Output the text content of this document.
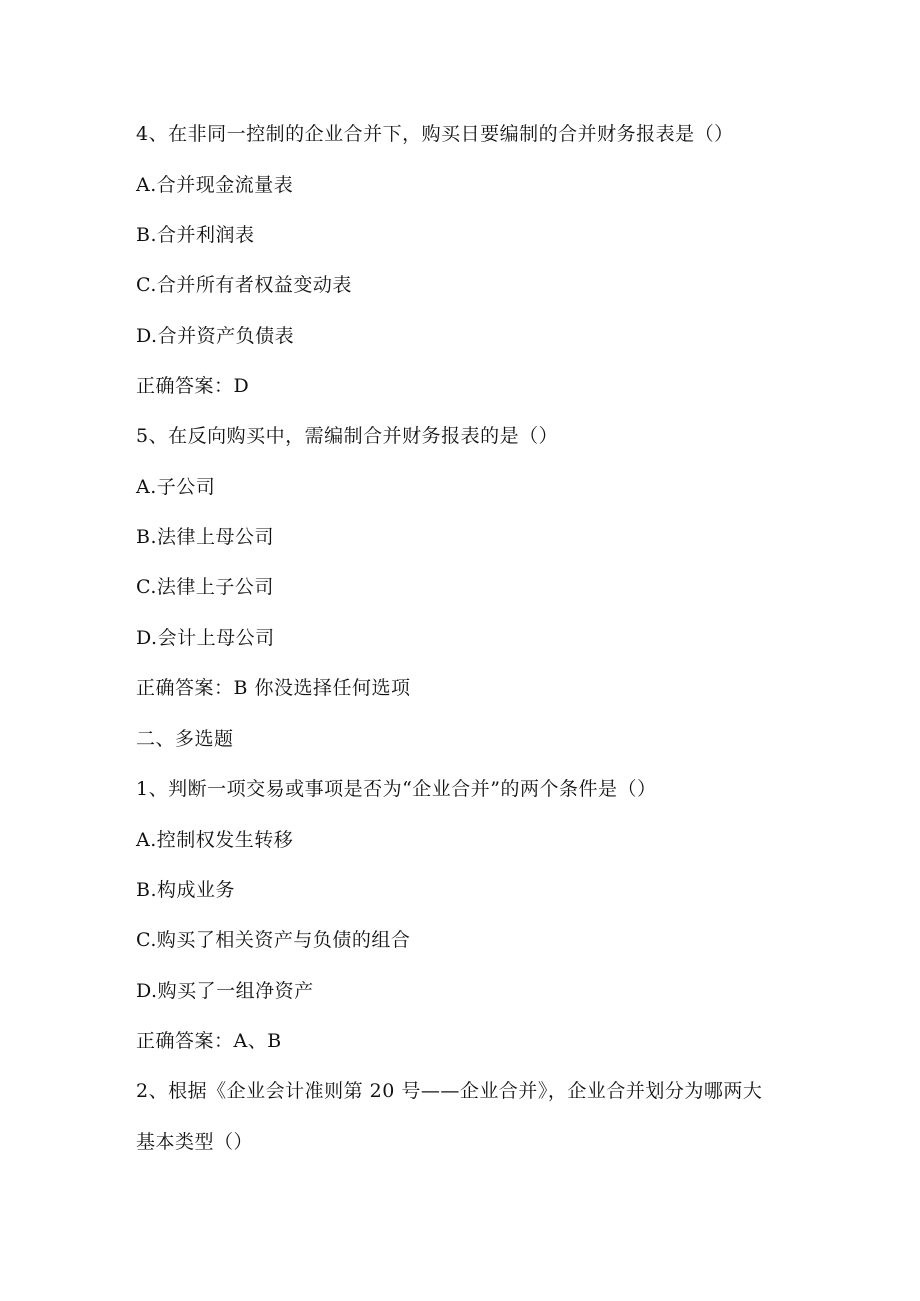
4、在非同一控制的企业合并下，购买日要编制的合并财务报表是（）

A.合并现金流量表

B.合并利润表

C.合并所有者权益变动表

D.合并资产负债表

正确答案：D

5、在反向购买中，需编制合并财务报表的是（）

A.子公司

B.法律上母公司

C.法律上子公司

D.会计上母公司

正确答案：B 你没选择任何选项

二、多选题

1、判断一项交易或事项是否为“企业合并”的两个条件是（）

A.控制权发生转移

B.构成业务

C.购买了相关资产与负债的组合

D.购买了一组净资产

正确答案：A、B

2、根据《企业会计准则第 20 号——企业合并》，企业合并划分为哪两大

基本类型（）
